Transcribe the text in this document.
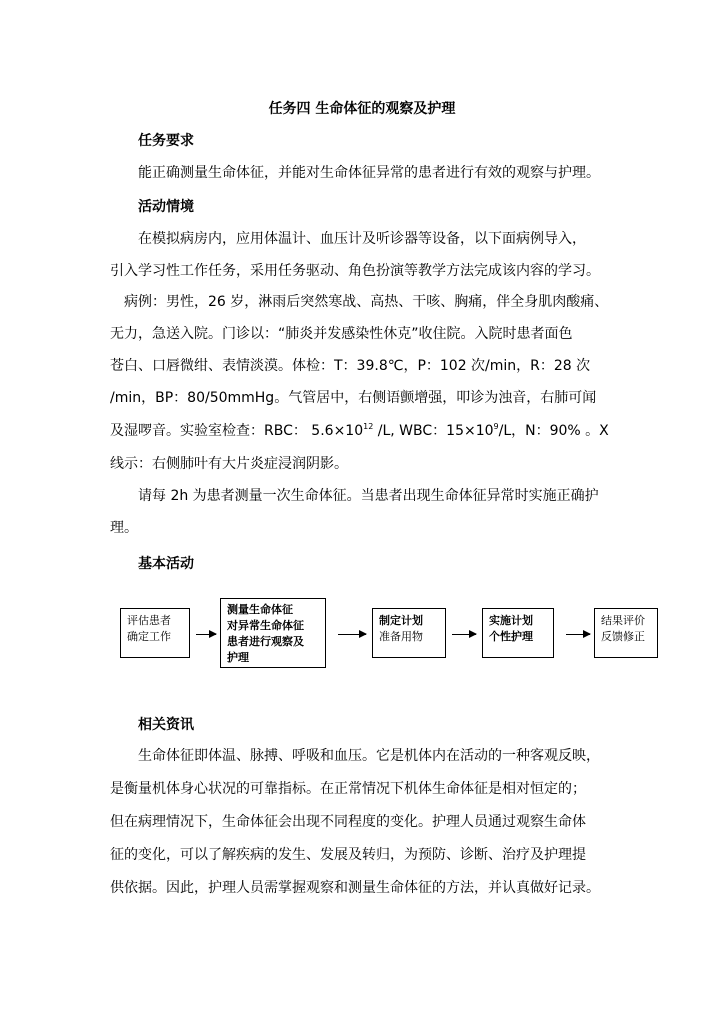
任务四 生命体征的观察及护理
任务要求
能正确测量生命体征，并能对生命体征异常的患者进行有效的观察与护理。
活动情境
在模拟病房内，应用体温计、血压计及听诊器等设备，以下面病例导入，
引入学习性工作任务，采用任务驱动、角色扮演等教学方法完成该内容的学习。
病例：男性，26 岁，淋雨后突然寒战、高热、干咳、胸痛，伴全身肌肉酸痛、
无力，急送入院。门诊以：“肺炎并发感染性休克”收住院。入院时患者面色
苍白、口唇微绀、表情淡漠。体检：T：39.8℃，P：102 次/min，R：28 次
/min，BP：80/50mmHg。气管居中，右侧语颤增强，叩诊为浊音，右肺可闻
及湿啰音。实验室检查：RBC： $5.6\times 10^{12}$ /L, WBC：$15\times 10^9/L$，N：90% 。X
线示：右侧肺叶有大片炎症浸润阴影。
请每 2h 为患者测量一次生命体征。当患者出现生命体征异常时实施正确护
理。
基本活动
评估患者
确定工作
测量生命体征
对异常生命体征
患者进行观察及
护理
制定计划
准备用物
实施计划
个性护理
结果评价
反馈修正
相关资讯
生命体征即体温、脉搏、呼吸和血压。它是机体内在活动的一种客观反映，
是衡量机体身心状况的可靠指标。在正常情况下机体生命体征是相对恒定的；
但在病理情况下，生命体征会出现不同程度的变化。护理人员通过观察生命体
征的变化，可以了解疾病的发生、发展及转归，为预防、诊断、治疗及护理提
供依据。因此，护理人员需掌握观察和测量生命体征的方法，并认真做好记录。
